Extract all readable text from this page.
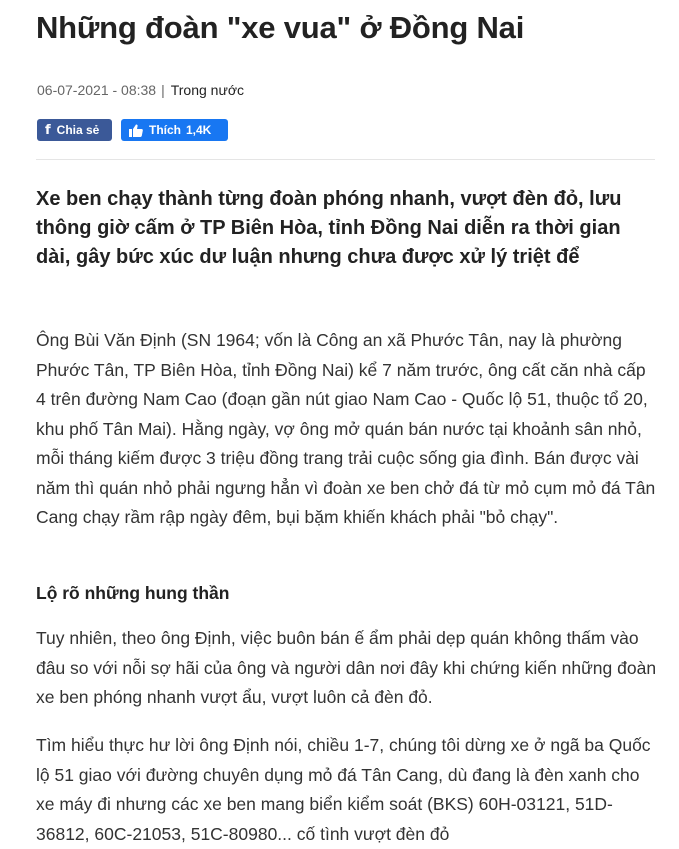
Những đoàn "xe vua" ở Đồng Nai
06-07-2021 - 08:38 | Trong nước
f Chia sẻ	Thích 1,4K
Xe ben chạy thành từng đoàn phóng nhanh, vượt đèn đỏ, lưu thông giờ cấm ở TP Biên Hòa, tỉnh Đồng Nai diễn ra thời gian dài, gây bức xúc dư luận nhưng chưa được xử lý triệt để

Ông Bùi Văn Định (SN 1964; vốn là Công an xã Phước Tân, nay là phường Phước Tân, TP Biên Hòa, tỉnh Đồng Nai) kể 7 năm trước, ông cất căn nhà cấp 4 trên đường Nam Cao (đoạn gần nút giao Nam Cao - Quốc lộ 51, thuộc tổ 20, khu phố Tân Mai). Hằng ngày, vợ ông mở quán bán nước tại khoảnh sân nhỏ, mỗi tháng kiếm được 3 triệu đồng trang trải cuộc sống gia đình. Bán được vài năm thì quán nhỏ phải ngưng hẳn vì đoàn xe ben chở đá từ mỏ cụm mỏ đá Tân Cang chạy rầm rập ngày đêm, bụi bặm khiến khách phải "bỏ chạy".

Lộ rõ những hung thần

Tuy nhiên, theo ông Định, việc buôn bán ế ẩm phải dẹp quán không thấm vào đâu so với nỗi sợ hãi của ông và người dân nơi đây khi chứng kiến những đoàn xe ben phóng nhanh vượt ẩu, vượt luôn cả đèn đỏ.

Tìm hiểu thực hư lời ông Định nói, chiều 1-7, chúng tôi dừng xe ở ngã ba Quốc lộ 51 giao với đường chuyên dụng mỏ đá Tân Cang, dù đang là đèn xanh cho xe máy đi nhưng các xe ben mang biển kiểm soát (BKS) 60H-03121, 51D-36812, 60C-21053, 51C-80980... cố tình vượt đèn đỏ
